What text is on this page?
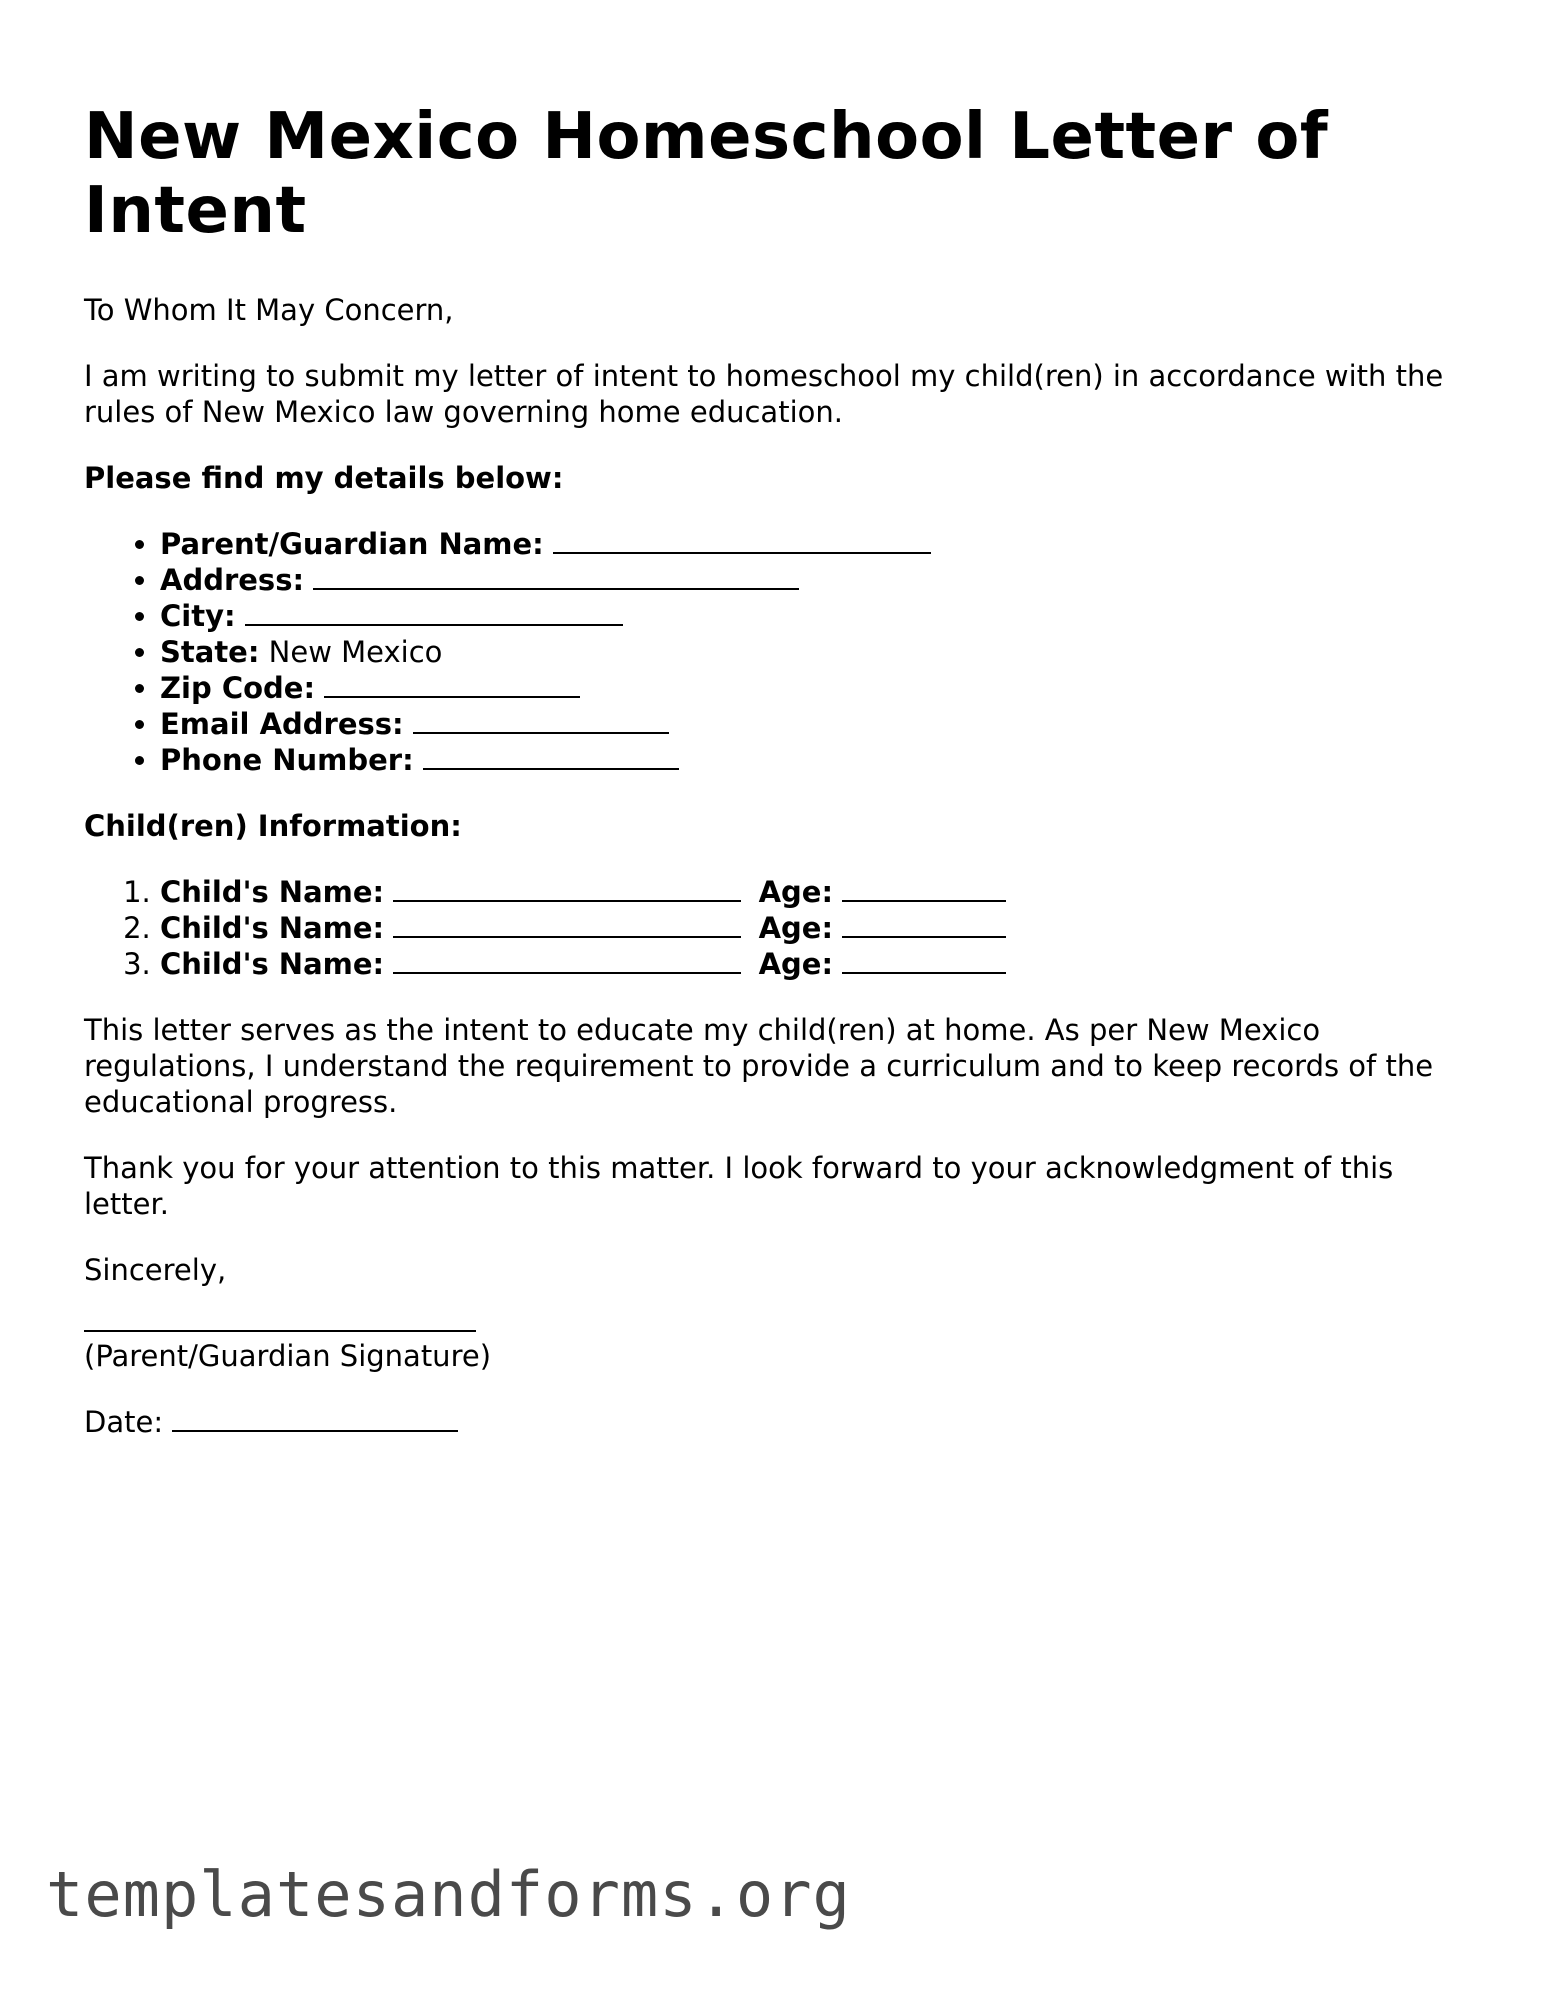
New Mexico Homeschool Letter of Intent

To Whom It May Concern,

I am writing to submit my letter of intent to homeschool my child(ren) in accordance with the rules of New Mexico law governing home education.

Please find my details below:

• Parent/Guardian Name:
• Address:
• City:
• State: New Mexico
• Zip Code:
• Email Address:
• Phone Number:

Child(ren) Information:

1. Child's Name:	Age:
2. Child's Name:	Age:
3. Child's Name:	Age:

This letter serves as the intent to educate my child(ren) at home. As per New Mexico regulations, I understand the requirement to provide a curriculum and to keep records of the educational progress.

Thank you for your attention to this matter. I look forward to your acknowledgment of this letter.

Sincerely,

(Parent/Guardian Signature)

Date:

templatesandforms.org
